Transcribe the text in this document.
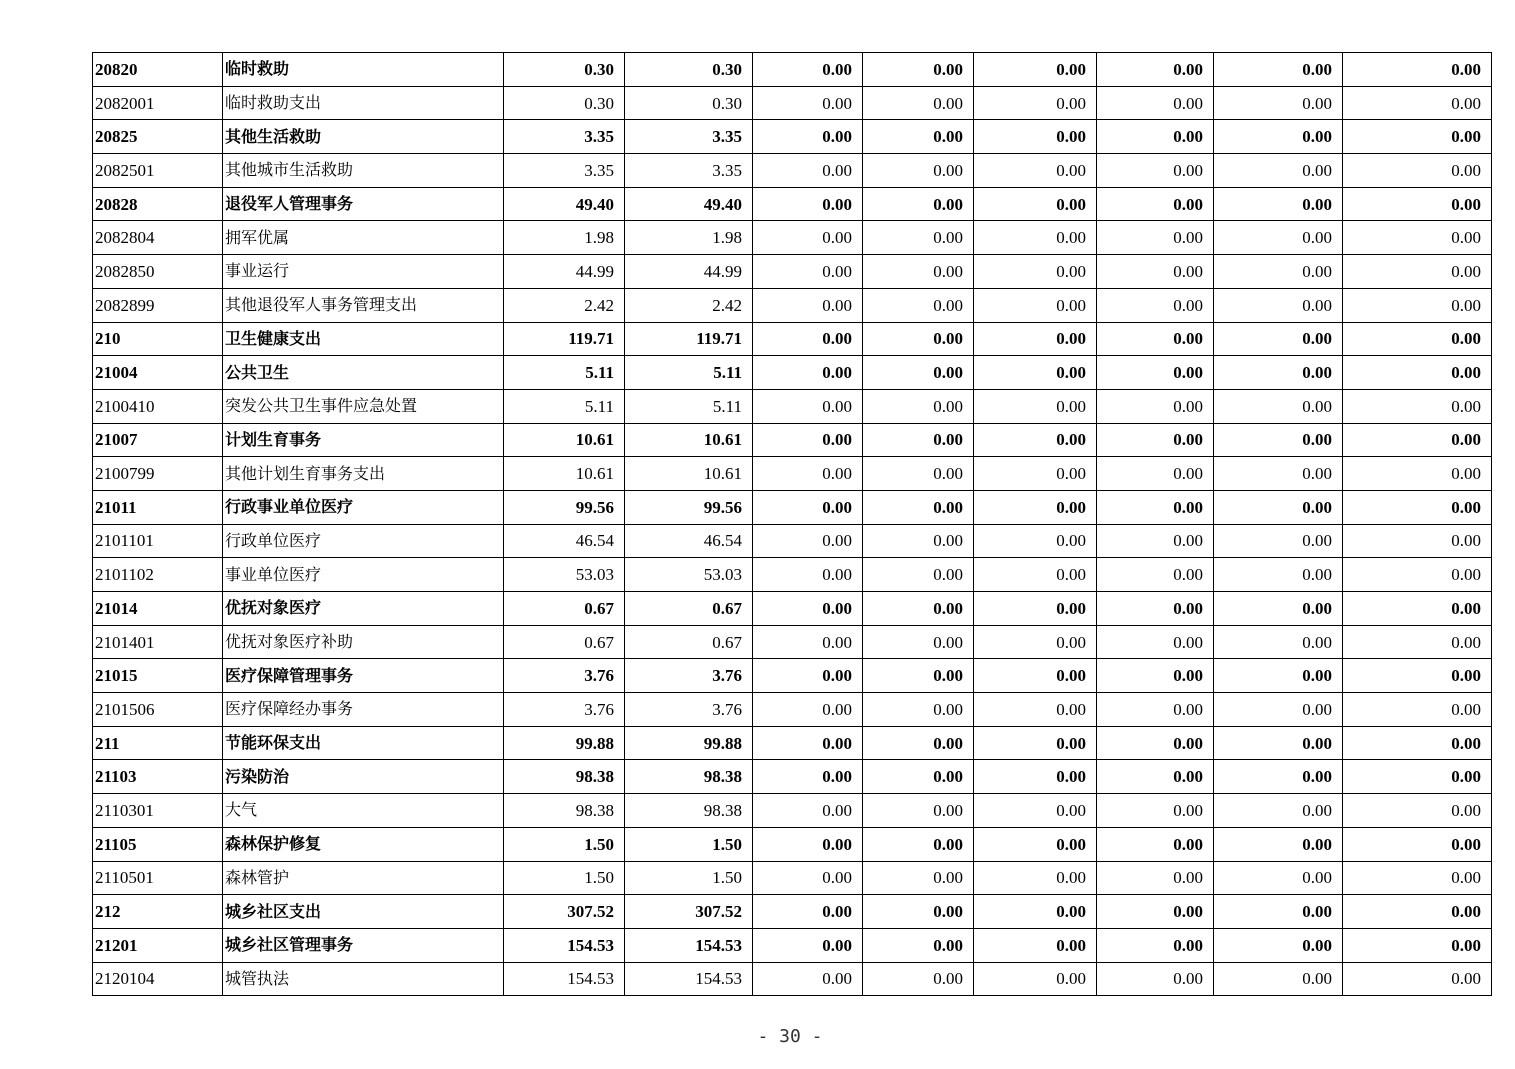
20820	临时救助	0.30	0.30	0.00	0.00	0.00	0.00	0.00	0.00
2082001	临时救助支出	0.30	0.30	0.00	0.00	0.00	0.00	0.00	0.00
20825	其他生活救助	3.35	3.35	0.00	0.00	0.00	0.00	0.00	0.00
2082501	其他城市生活救助	3.35	3.35	0.00	0.00	0.00	0.00	0.00	0.00
20828	退役军人管理事务	49.40	49.40	0.00	0.00	0.00	0.00	0.00	0.00
2082804	拥军优属	1.98	1.98	0.00	0.00	0.00	0.00	0.00	0.00
2082850	事业运行	44.99	44.99	0.00	0.00	0.00	0.00	0.00	0.00
2082899	其他退役军人事务管理支出	2.42	2.42	0.00	0.00	0.00	0.00	0.00	0.00
210	卫生健康支出	119.71	119.71	0.00	0.00	0.00	0.00	0.00	0.00
21004	公共卫生	5.11	5.11	0.00	0.00	0.00	0.00	0.00	0.00
2100410	突发公共卫生事件应急处置	5.11	5.11	0.00	0.00	0.00	0.00	0.00	0.00
21007	计划生育事务	10.61	10.61	0.00	0.00	0.00	0.00	0.00	0.00
2100799	其他计划生育事务支出	10.61	10.61	0.00	0.00	0.00	0.00	0.00	0.00
21011	行政事业单位医疗	99.56	99.56	0.00	0.00	0.00	0.00	0.00	0.00
2101101	行政单位医疗	46.54	46.54	0.00	0.00	0.00	0.00	0.00	0.00
2101102	事业单位医疗	53.03	53.03	0.00	0.00	0.00	0.00	0.00	0.00
21014	优抚对象医疗	0.67	0.67	0.00	0.00	0.00	0.00	0.00	0.00
2101401	优抚对象医疗补助	0.67	0.67	0.00	0.00	0.00	0.00	0.00	0.00
21015	医疗保障管理事务	3.76	3.76	0.00	0.00	0.00	0.00	0.00	0.00
2101506	医疗保障经办事务	3.76	3.76	0.00	0.00	0.00	0.00	0.00	0.00
211	节能环保支出	99.88	99.88	0.00	0.00	0.00	0.00	0.00	0.00
21103	污染防治	98.38	98.38	0.00	0.00	0.00	0.00	0.00	0.00
2110301	大气	98.38	98.38	0.00	0.00	0.00	0.00	0.00	0.00
21105	森林保护修复	1.50	1.50	0.00	0.00	0.00	0.00	0.00	0.00
2110501	森林管护	1.50	1.50	0.00	0.00	0.00	0.00	0.00	0.00
212	城乡社区支出	307.52	307.52	0.00	0.00	0.00	0.00	0.00	0.00
21201	城乡社区管理事务	154.53	154.53	0.00	0.00	0.00	0.00	0.00	0.00
2120104	城管执法	154.53	154.53	0.00	0.00	0.00	0.00	0.00	0.00
- 30 -
